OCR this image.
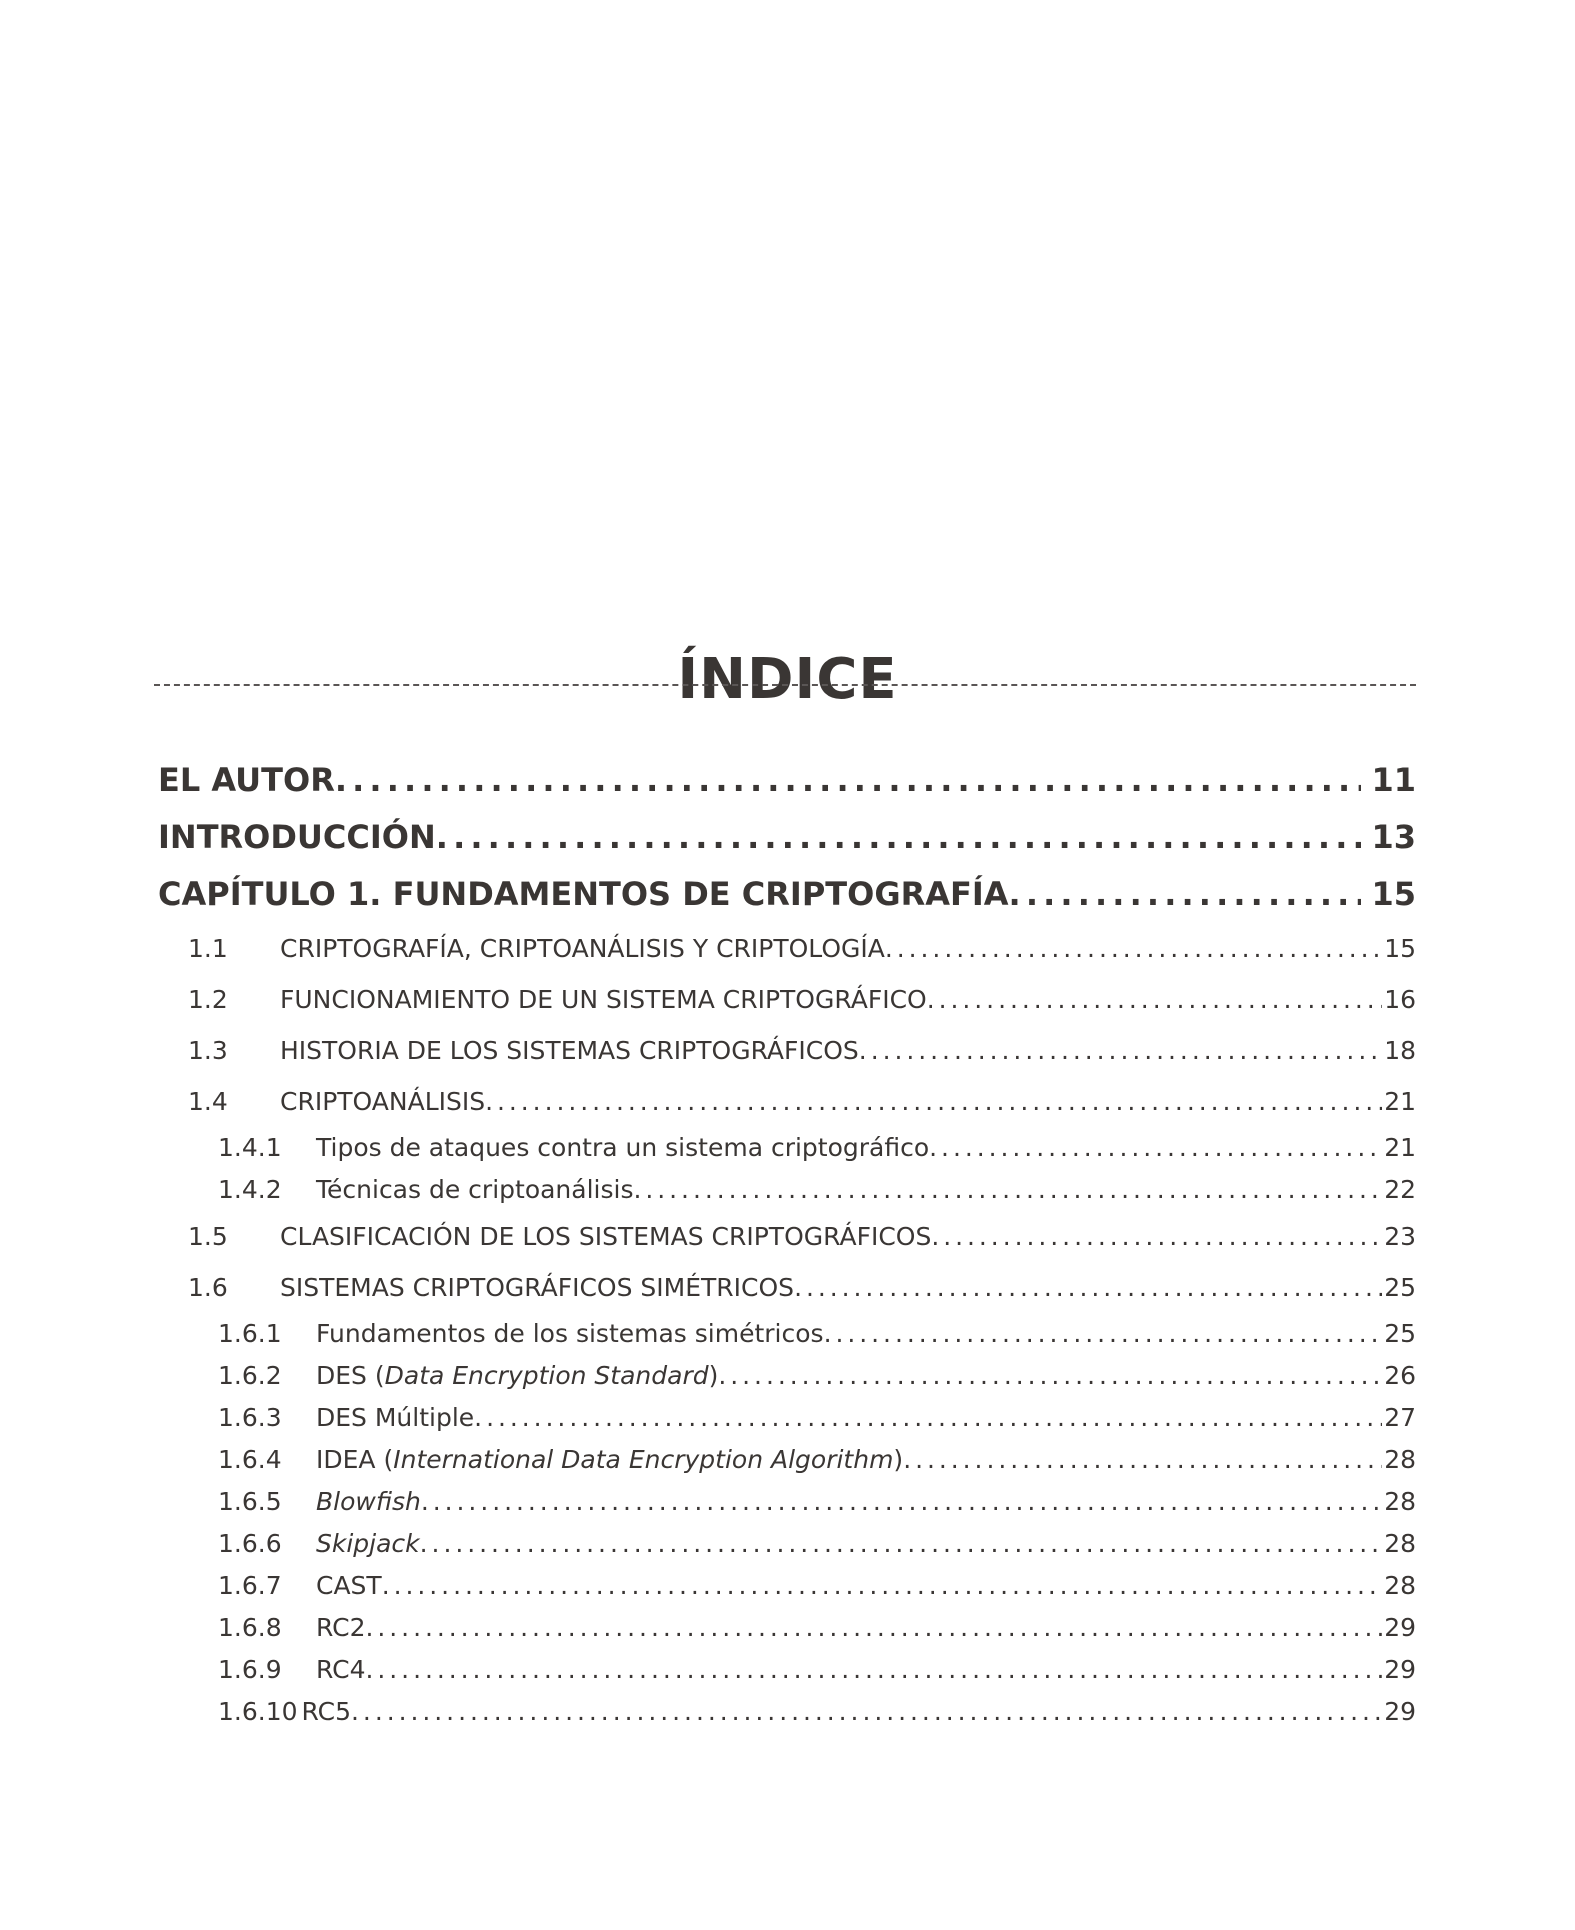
ÍNDICE
EL AUTOR . . .	11
INTRODUCCIÓN . . .	13
CAPÍTULO 1. FUNDAMENTOS DE CRIPTOGRAFÍA . . .	15
1.1	CRIPTOGRAFÍA, CRIPTOANÁLISIS Y CRIPTOLOGÍA . . .	15
1.2	FUNCIONAMIENTO DE UN SISTEMA CRIPTOGRÁFICO . . .	16
1.3	HISTORIA DE LOS SISTEMAS CRIPTOGRÁFICOS . . .	18
1.4	CRIPTOANÁLISIS . . .	21
1.4.1	Tipos de ataques contra un sistema criptográfico . . .	21
1.4.2	Técnicas de criptoanálisis . . .	22
1.5	CLASIFICACIÓN DE LOS SISTEMAS CRIPTOGRÁFICOS . . .	23
1.6	SISTEMAS CRIPTOGRÁFICOS SIMÉTRICOS . . .	25
1.6.1	Fundamentos de los sistemas simétricos . . .	25
1.6.2	DES (Data Encryption Standard) . . .	26
1.6.3	DES Múltiple . . .	27
1.6.4	IDEA (International Data Encryption Algorithm) . . .	28
1.6.5	Blowfish . . .	28
1.6.6	Skipjack . . .	28
1.6.7	CAST . . .	28
1.6.8	RC2 . . .	29
1.6.9	RC4 . . .	29
1.6.10 RC5 . . .	29
